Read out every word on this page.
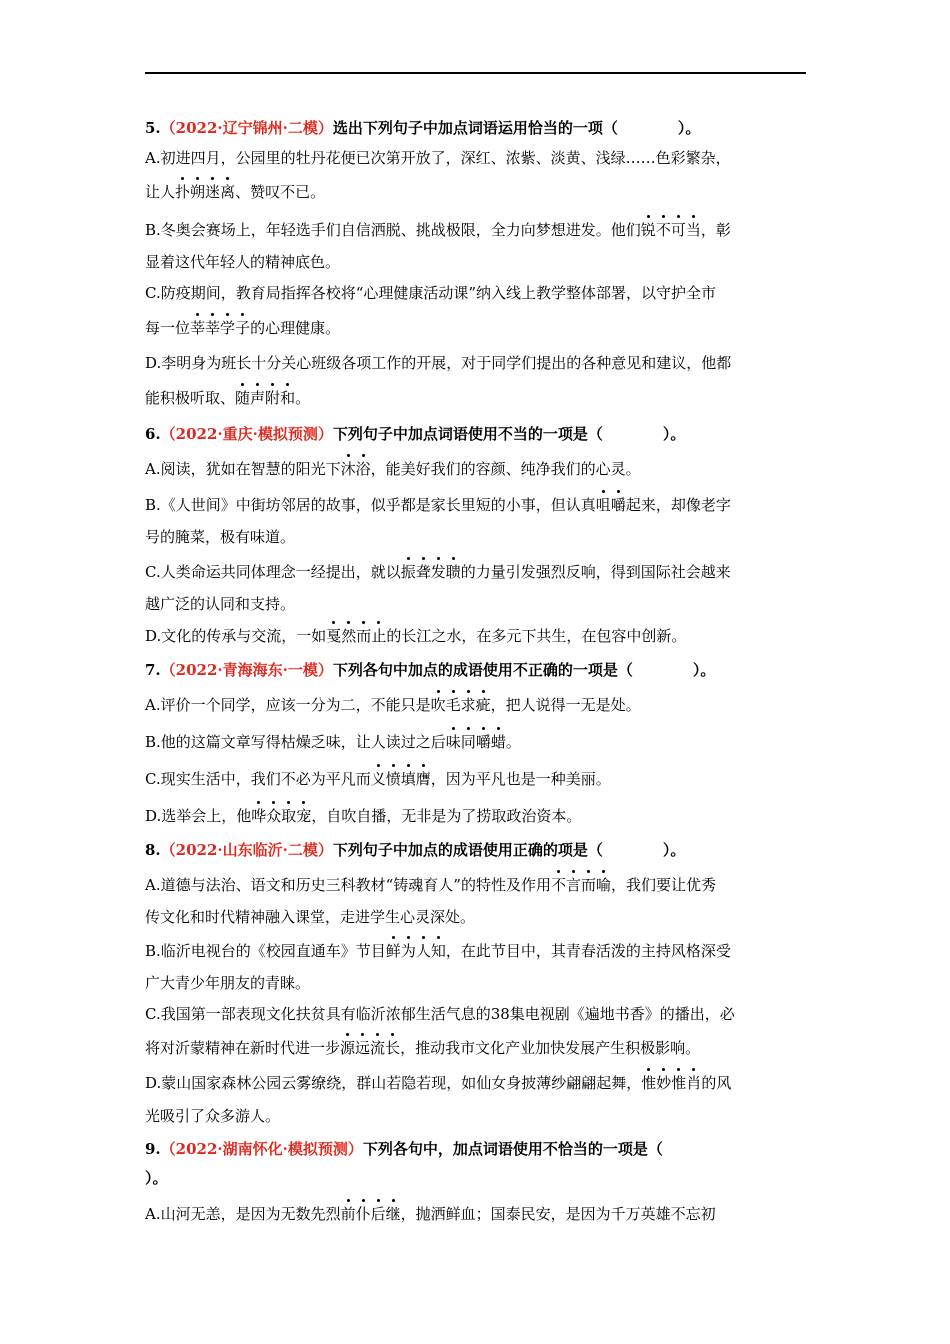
5.（2022·辽宁锦州·二模）选出下列句子中加点词语运用恰当的一项（　　　　）。
A.初进四月，公园里的牡丹花便已次第开放了，深红、浓紫、淡黄、浅绿……色彩繁杂，
让人扑朔迷离、赞叹不已。
B.冬奥会赛场上，年轻选手们自信洒脱、挑战极限，全力向梦想进发。他们锐不可当，彰
显着这代年轻人的精神底色。
C.防疫期间，教育局指挥各校将“心理健康活动课”纳入线上教学整体部署，以守护全市
每一位莘莘学子的心理健康。
D.李明身为班长十分关心班级各项工作的开展，对于同学们提出的各种意见和建议，他都
能积极听取、随声附和。
6.（2022·重庆·模拟预测）下列句子中加点词语使用不当的一项是（　　　　）。
A.阅读，犹如在智慧的阳光下沐浴，能美好我们的容颜、纯净我们的心灵。
B.《人世间》中街坊邻居的故事，似乎都是家长里短的小事，但认真咀嚼起来，却像老字
号的腌菜，极有味道。
C.人类命运共同体理念一经提出，就以振聋发聩的力量引发强烈反响，得到国际社会越来
越广泛的认同和支持。
D.文化的传承与交流，一如戛然而止的长江之水，在多元下共生，在包容中创新。
7.（2022·青海海东·一模）下列各句中加点的成语使用不正确的一项是（　　　　）。
A.评价一个同学，应该一分为二，不能只是吹毛求疵，把人说得一无是处。
B.他的这篇文章写得枯燥乏味，让人读过之后味同嚼蜡。
C.现实生活中，我们不必为平凡而义愤填膺，因为平凡也是一种美丽。
D.选举会上，他哗众取宠，自吹自播，无非是为了捞取政治资本。
8.（2022·山东临沂·二模）下列句子中加点的成语使用正确的项是（　　　　）。
A.道德与法治、语文和历史三科教材“铸魂育人”的特性及作用不言而喻，我们要让优秀
传文化和时代精神融入课堂，走进学生心灵深处。
B.临沂电视台的《校园直通车》节目鲜为人知，在此节目中，其青春活泼的主持风格深受
广大青少年朋友的青睐。
C.我国第一部表现文化扶贫具有临沂浓郁生活气息的38集电视剧《遍地书香》的播出，必
将对沂蒙精神在新时代进一步源远流长，推动我市文化产业加快发展产生积极影响。
D.蒙山国家森林公园云雾缭绕，群山若隐若现，如仙女身披薄纱翩翩起舞，惟妙惟肖的风
光吸引了众多游人。
9.（2022·湖南怀化·模拟预测）下列各句中，加点词语使用不恰当的一项是（
）。
A.山河无恙，是因为无数先烈前仆后继，抛洒鲜血；国泰民安，是因为千万英雄不忘初
